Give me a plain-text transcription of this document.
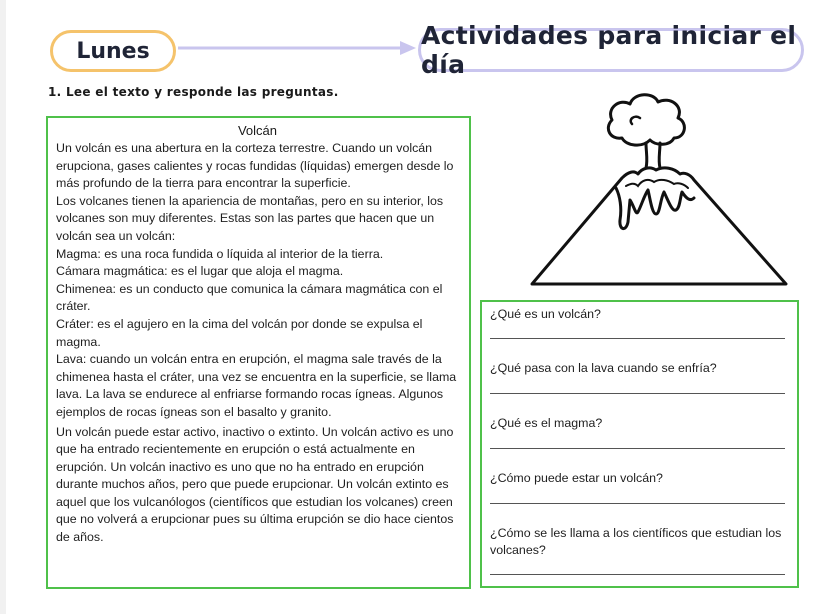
Lunes
Actividades para iniciar el día
1. Lee el texto y responde las preguntas.
Volcán

Un volcán es una abertura en la corteza terrestre. Cuando un volcán erupciona, gases calientes y rocas fundidas (líquidas) emergen desde lo más profundo de la tierra para encontrar la superficie.

Los volcanes tienen la apariencia de montañas, pero en su interior, los volcanes son muy diferentes. Estas son las partes que hacen que un volcán sea un volcán:

Magma: es una roca fundida o líquida al interior de la tierra.

Cámara magmática: es el lugar que aloja el magma.

Chimenea: es un conducto que comunica la cámara magmática con el cráter.

Cráter: es el agujero en la cima del volcán por donde se expulsa el magma.

Lava: cuando un volcán entra en erupción, el magma sale través de la chimenea hasta el cráter, una vez se encuentra en la superficie, se llama lava. La lava se endurece al enfriarse formando rocas ígneas. Algunos ejemplos de rocas ígneas son el basalto y granito.

Un volcán puede estar activo, inactivo o extinto. Un volcán activo es uno que ha entrado recientemente en erupción o está actualmente en erupción. Un volcán inactivo es uno que no ha entrado en erupción durante muchos años, pero que puede erupcionar. Un volcán extinto es aquel que los vulcanólogos (científicos que estudian los volcanes) creen que no volverá a erupcionar pues su última erupción se dio hace cientos de años.

¿Qué es un volcán?
¿Qué pasa con la lava cuando se enfría?
¿Qué es el magma?
¿Cómo puede estar un volcán?
¿Cómo se les llama a los científicos que estudian los volcanes?
